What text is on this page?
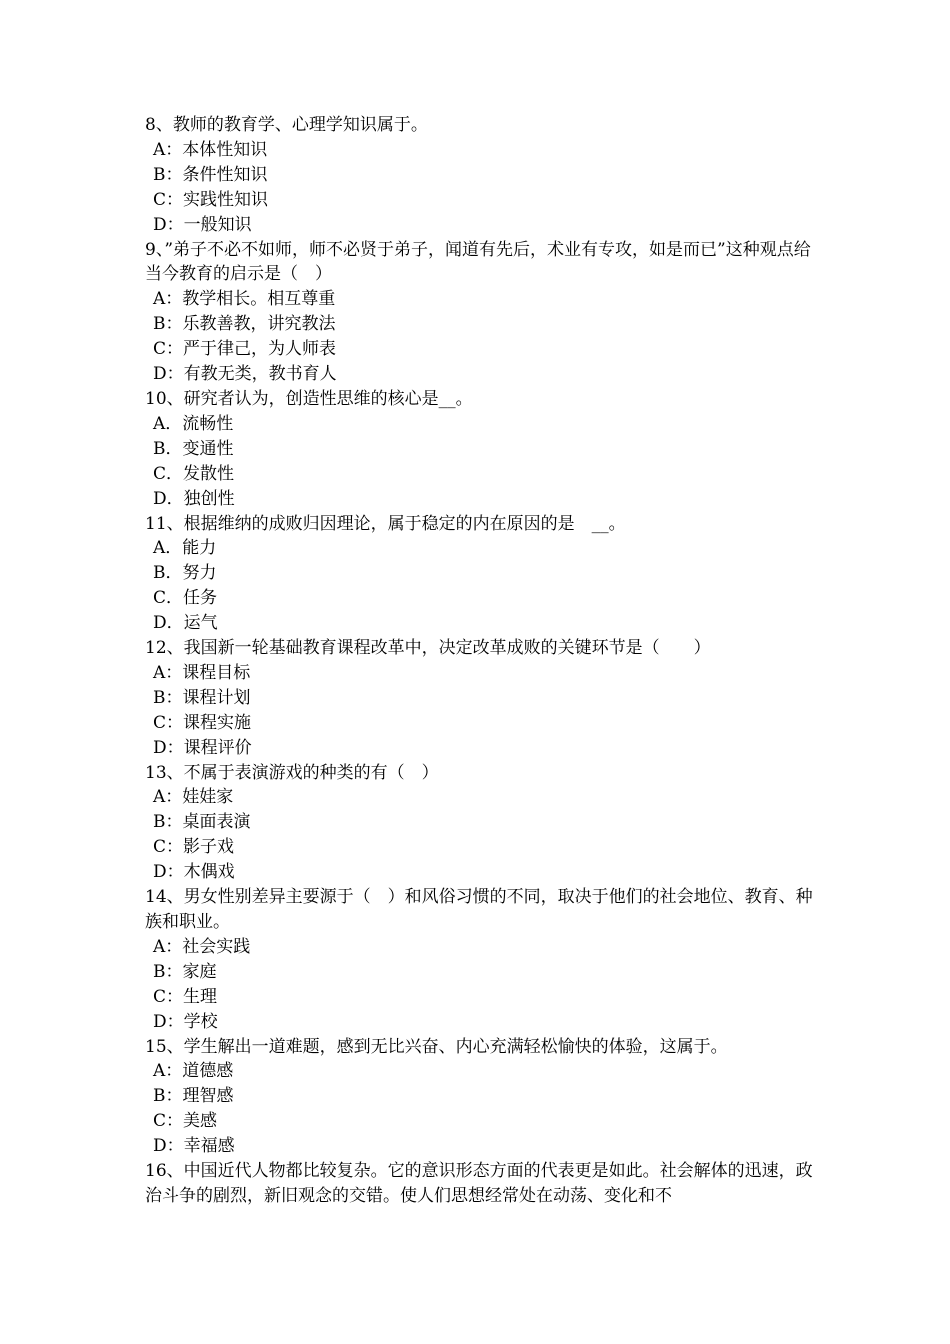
8、教师的教育学、心理学知识属于。

A：本体性知识

B：条件性知识

C：实践性知识

D：一般知识

9、”弟子不必不如师，师不必贤于弟子，闻道有先后，术业有专攻，如是而已”这种观点给当今教育的启示是（　）

A：教学相长。相互尊重

B：乐教善教，讲究教法

C：严于律己，为人师表

D：有教无类，教书育人

10、研究者认为，创造性思维的核心是__。

A．流畅性

B．变通性

C．发散性

D．独创性

11、根据维纳的成败归因理论，属于稳定的内在原因的是　__。

A．能力

B．努力

C．任务

D．运气

12、我国新一轮基础教育课程改革中，决定改革成败的关键环节是（　　）

A：课程目标

B：课程计划

C：课程实施

D：课程评价

13、不属于表演游戏的种类的有（　）

A：娃娃家

B：桌面表演

C：影子戏

D：木偶戏

14、男女性别差异主要源于（　）和风俗习惯的不同，取决于他们的社会地位、教育、种族和职业。

A：社会实践

B：家庭

C：生理

D：学校

15、学生解出一道难题，感到无比兴奋、内心充满轻松愉快的体验，这属于。

A：道德感

B：理智感

C：美感

D：幸福感

16、中国近代人物都比较复杂。它的意识形态方面的代表更是如此。社会解体的迅速，政治斗争的剧烈，新旧观念的交错。使人们思想经常处在动荡、变化和不
